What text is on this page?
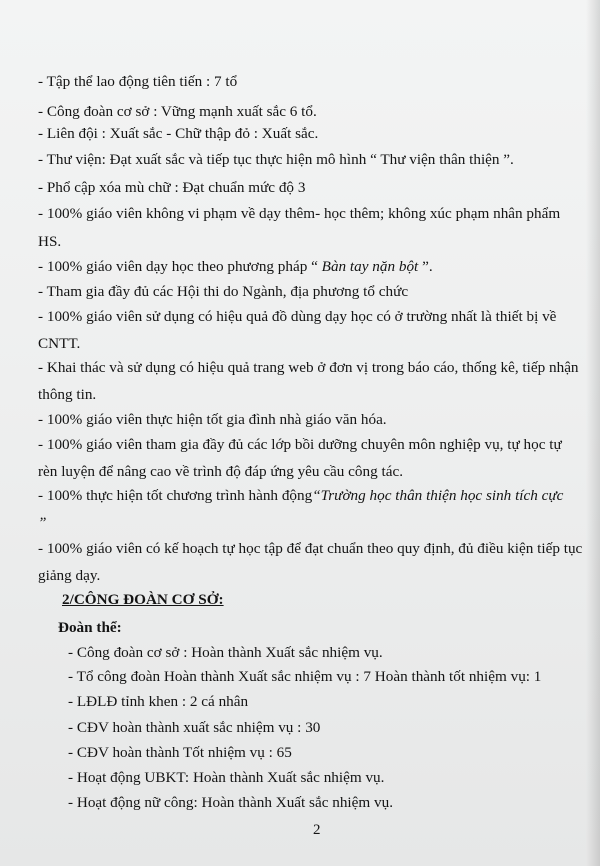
- Tập thể lao động tiên tiến : 7 tổ
- Công đoàn cơ sở : Vững mạnh xuất sắc 6 tổ.
- Liên đội : Xuất sắc - Chữ thập đỏ : Xuất sắc.
- Thư viện: Đạt xuất sắc và tiếp tục thực hiện mô hình “ Thư viện thân thiện ”.
- Phổ cập xóa mù chữ : Đạt chuẩn mức độ 3
- 100% giáo viên không vi phạm về dạy thêm- học thêm; không xúc phạm nhân phẩm
HS.
- 100% giáo viên dạy học theo phương pháp “ Bàn tay nặn bột ”.
- Tham gia đầy đủ các Hội thi do Ngành, địa phương tổ chức
- 100% giáo viên sử dụng có hiệu quả đồ dùng dạy học có ở trường nhất là thiết bị về
CNTT.
- Khai thác và sử dụng có hiệu quả trang web ở đơn vị trong báo cáo, thống kê, tiếp nhận
thông tin.
- 100% giáo viên thực hiện tốt gia đình nhà giáo văn hóa.
- 100% giáo viên tham gia đầy đủ các lớp bồi dưỡng chuyên môn nghiệp vụ, tự học tự
rèn luyện để nâng cao về trình độ đáp ứng yêu cầu công tác.
- 100% thực hiện tốt chương trình hành động“Trường học thân thiện học sinh tích cực
”
- 100% giáo viên có kế hoạch tự học tập để đạt chuẩn theo quy định, đủ điều kiện tiếp tục
giảng dạy.
2/CÔNG ĐOÀN CƠ SỞ:
Đoàn thể:
- Công đoàn cơ sở : Hoàn thành Xuất sắc nhiệm vụ.
- Tổ công đoàn Hoàn thành Xuất sắc nhiệm vụ : 7 Hoàn thành tốt nhiệm vụ: 1
- LĐLĐ tỉnh khen : 2 cá nhân
- CĐV hoàn thành xuất sắc nhiệm vụ : 30
- CĐV hoàn thành Tốt nhiệm vụ : 65
- Hoạt động UBKT: Hoàn thành Xuất sắc nhiệm vụ.
- Hoạt động nữ công: Hoàn thành Xuất sắc nhiệm vụ.
2
